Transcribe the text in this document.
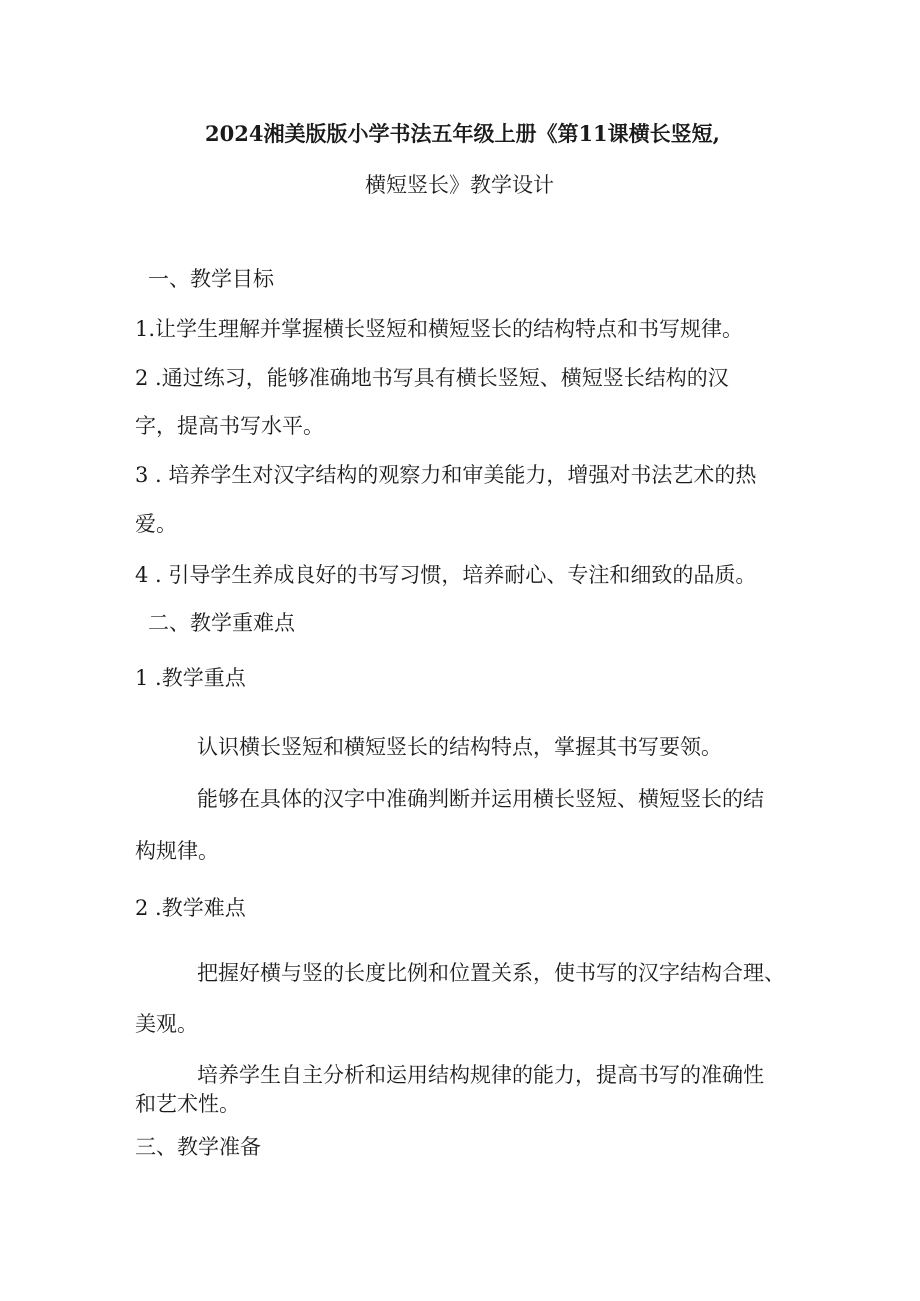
2024湘美版版小学书法五年级上册《第11课横长竖短,

横短竖长》教学设计

一、教学目标

1.让学生理解并掌握横长竖短和横短竖长的结构特点和书写规律。

2 .通过练习，能够准确地书写具有横长竖短、横短竖长结构的汉

字，提高书写水平。

3 . 培养学生对汉字结构的观察力和审美能力，增强对书法艺术的热

爱。

4 . 引导学生养成良好的书写习惯，培养耐心、专注和细致的品质。

二、教学重难点

1 .教学重点

认识横长竖短和横短竖长的结构特点，掌握其书写要领。

能够在具体的汉字中准确判断并运用横长竖短、横短竖长的结

构规律。

2 .教学难点

把握好横与竖的长度比例和位置关系，使书写的汉字结构合理、

美观。

培养学生自主分析和运用结构规律的能力，提高书写的准确性

和艺术性。

三、教学准备
